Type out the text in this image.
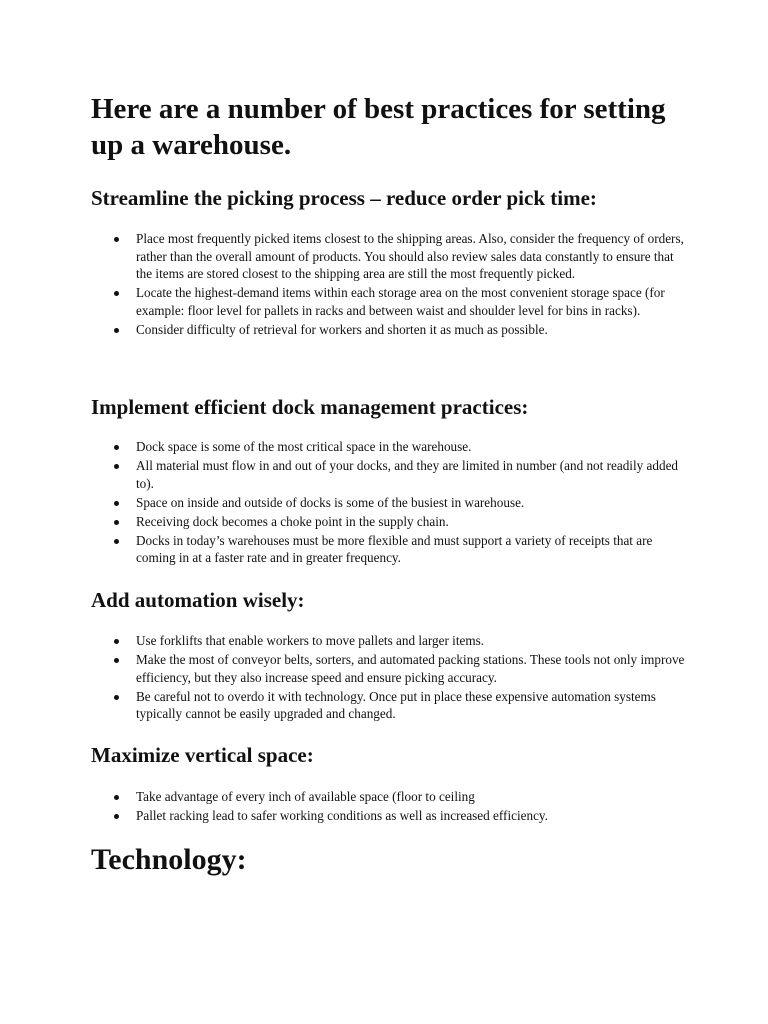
Here are a number of best practices for setting up a warehouse.
Streamline the picking process – reduce order pick time:
Place most frequently picked items closest to the shipping areas. Also, consider the frequency of orders, rather than the overall amount of products. You should also review sales data constantly to ensure that the items are stored closest to the shipping area are still the most frequently picked.
Locate the highest-demand items within each storage area on the most convenient storage space (for example: floor level for pallets in racks and between waist and shoulder level for bins in racks).
Consider difficulty of retrieval for workers and shorten it as much as possible.
Implement efficient dock management practices:
Dock space is some of the most critical space in the warehouse.
All material must flow in and out of your docks, and they are limited in number (and not readily added to).
Space on inside and outside of docks is some of the busiest in warehouse.
Receiving dock becomes a choke point in the supply chain.
Docks in today’s warehouses must be more flexible and must support a variety of receipts that are coming in at a faster rate and in greater frequency.
Add automation wisely:
Use forklifts that enable workers to move pallets and larger items.
Make the most of conveyor belts, sorters, and automated packing stations. These tools not only improve efficiency, but they also increase speed and ensure picking accuracy.
Be careful not to overdo it with technology. Once put in place these expensive automation systems typically cannot be easily upgraded and changed.
Maximize vertical space:
Take advantage of every inch of available space (floor to ceiling
Pallet racking lead to safer working conditions as well as increased efficiency.
Technology:
